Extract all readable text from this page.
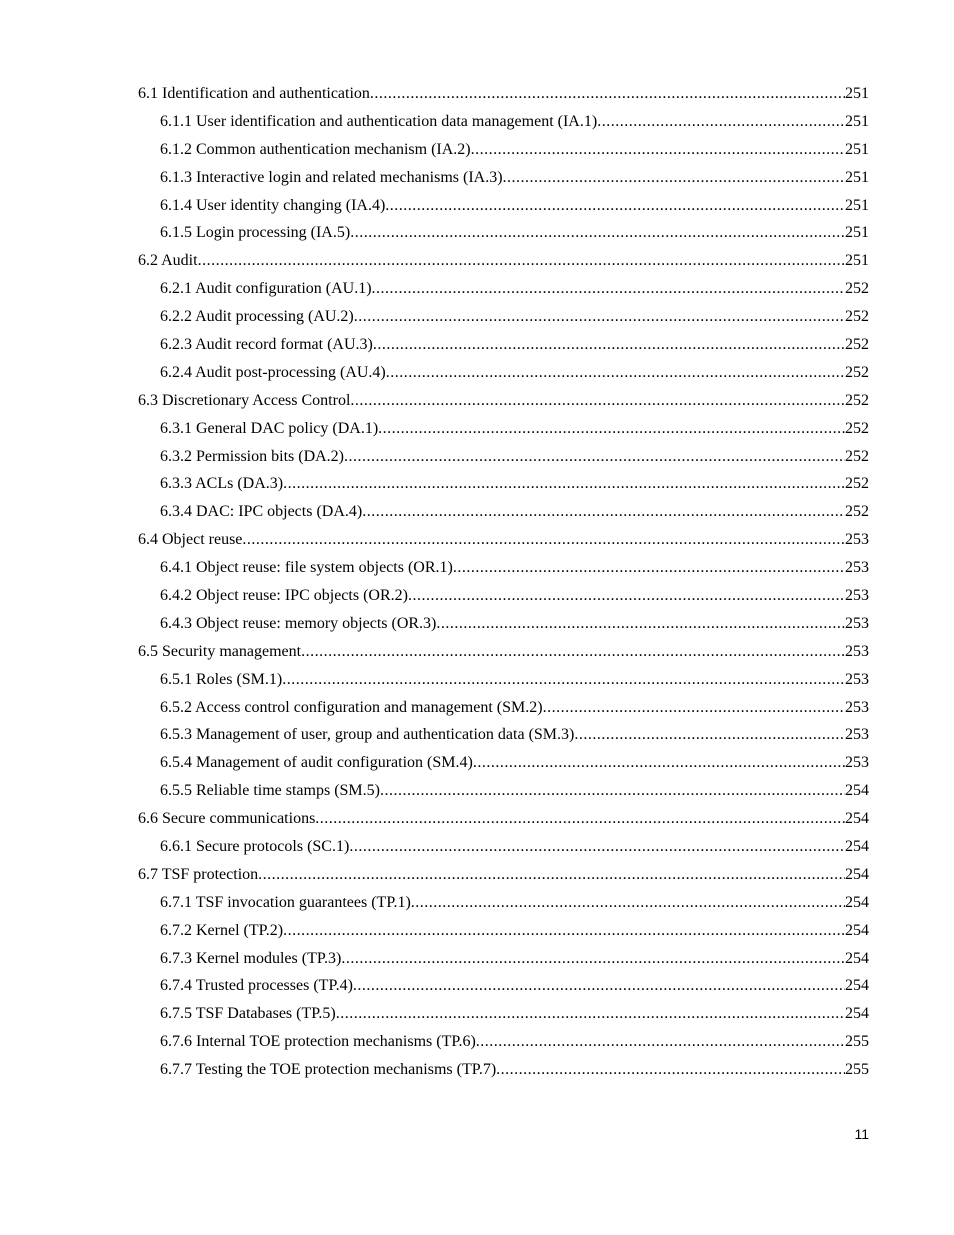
6.1 Identification and authentication .....	251
6.1.1 User identification and authentication data management (IA.1) .....	251
6.1.2 Common authentication mechanism (IA.2) .....	251
6.1.3 Interactive login and related mechanisms (IA.3) .....	251
6.1.4 User identity changing (IA.4) .....	251
6.1.5 Login processing (IA.5) .....	251
6.2 Audit .....	251
6.2.1 Audit configuration (AU.1) .....	252
6.2.2 Audit processing (AU.2) .....	252
6.2.3 Audit record format (AU.3) .....	252
6.2.4 Audit post-processing (AU.4) .....	252
6.3 Discretionary Access Control .....	252
6.3.1 General DAC policy (DA.1) .....	252
6.3.2 Permission bits (DA.2) .....	252
6.3.3 ACLs (DA.3) .....	252
6.3.4 DAC: IPC objects (DA.4) .....	252
6.4 Object reuse .....	253
6.4.1 Object reuse: file system objects (OR.1) .....	253
6.4.2 Object reuse: IPC objects (OR.2) .....	253
6.4.3 Object reuse: memory objects (OR.3) .....	253
6.5 Security management .....	253
6.5.1 Roles (SM.1) .....	253
6.5.2 Access control configuration and management (SM.2) .....	253
6.5.3 Management of user, group and authentication data (SM.3) .....	253
6.5.4 Management of audit configuration (SM.4) .....	253
6.5.5 Reliable time stamps (SM.5) .....	254
6.6 Secure communications .....	254
6.6.1 Secure protocols (SC.1) .....	254
6.7 TSF protection .....	254
6.7.1 TSF invocation guarantees (TP.1) .....	254
6.7.2 Kernel (TP.2) .....	254
6.7.3 Kernel modules (TP.3) .....	254
6.7.4 Trusted processes (TP.4) .....	254
6.7.5 TSF Databases (TP.5) .....	254
6.7.6 Internal TOE protection mechanisms (TP.6) .....	255
6.7.7 Testing the TOE protection mechanisms (TP.7) .....	255
11
